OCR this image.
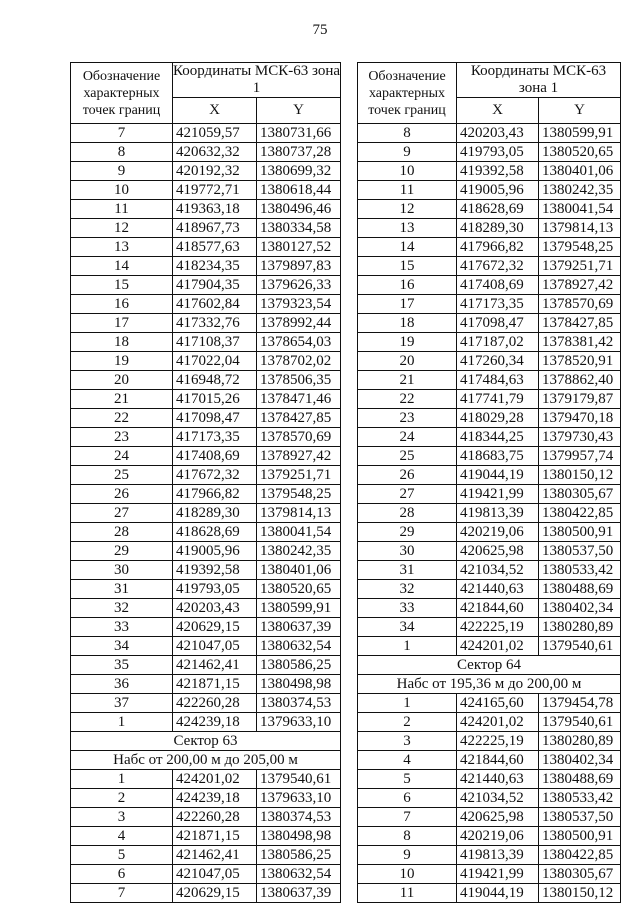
75
Обозначение характерных точек границ	Координаты МСК-63 зона 1	
	X	Y
7	421059,57	1380731,66
8	420632,32	1380737,28
9	420192,32	1380699,32
10	419772,71	1380618,44
11	419363,18	1380496,46
12	418967,73	1380334,58
13	418577,63	1380127,52
14	418234,35	1379897,83
15	417904,35	1379626,33
16	417602,84	1379323,54
17	417332,76	1378992,44
18	417108,37	1378654,03
19	417022,04	1378702,02
20	416948,72	1378506,35
21	417015,26	1378471,46
22	417098,47	1378427,85
23	417173,35	1378570,69
24	417408,69	1378927,42
25	417672,32	1379251,71
26	417966,82	1379548,25
27	418289,30	1379814,13
28	418628,69	1380041,54
29	419005,96	1380242,35
30	419392,58	1380401,06
31	419793,05	1380520,65
32	420203,43	1380599,91
33	420629,15	1380637,39
34	421047,05	1380632,54
35	421462,41	1380586,25
36	421871,15	1380498,98
37	422260,28	1380374,53
1	424239,18	1379633,10
Сектор 63		
Набс от 200,00 м до 205,00 м		
1	424201,02	1379540,61
2	424239,18	1379633,10
3	422260,28	1380374,53
4	421871,15	1380498,98
5	421462,41	1380586,25
6	421047,05	1380632,54
7	420629,15	1380637,39
Обозначение характерных точек границ	Координаты МСК-63 зона 1	
	X	Y
8	420203,43	1380599,91
9	419793,05	1380520,65
10	419392,58	1380401,06
11	419005,96	1380242,35
12	418628,69	1380041,54
13	418289,30	1379814,13
14	417966,82	1379548,25
15	417672,32	1379251,71
16	417408,69	1378927,42
17	417173,35	1378570,69
18	417098,47	1378427,85
19	417187,02	1378381,42
20	417260,34	1378520,91
21	417484,63	1378862,40
22	417741,79	1379179,87
23	418029,28	1379470,18
24	418344,25	1379730,43
25	418683,75	1379957,74
26	419044,19	1380150,12
27	419421,99	1380305,67
28	419813,39	1380422,85
29	420219,06	1380500,91
30	420625,98	1380537,50
31	421034,52	1380533,42
32	421440,63	1380488,69
33	421844,60	1380402,34
34	422225,19	1380280,89
1	424201,02	1379540,61
Сектор 64		
Набс от 195,36 м до 200,00 м		
1	424165,60	1379454,78
2	424201,02	1379540,61
3	422225,19	1380280,89
4	421844,60	1380402,34
5	421440,63	1380488,69
6	421034,52	1380533,42
7	420625,98	1380537,50
8	420219,06	1380500,91
9	419813,39	1380422,85
10	419421,99	1380305,67
11	419044,19	1380150,12
